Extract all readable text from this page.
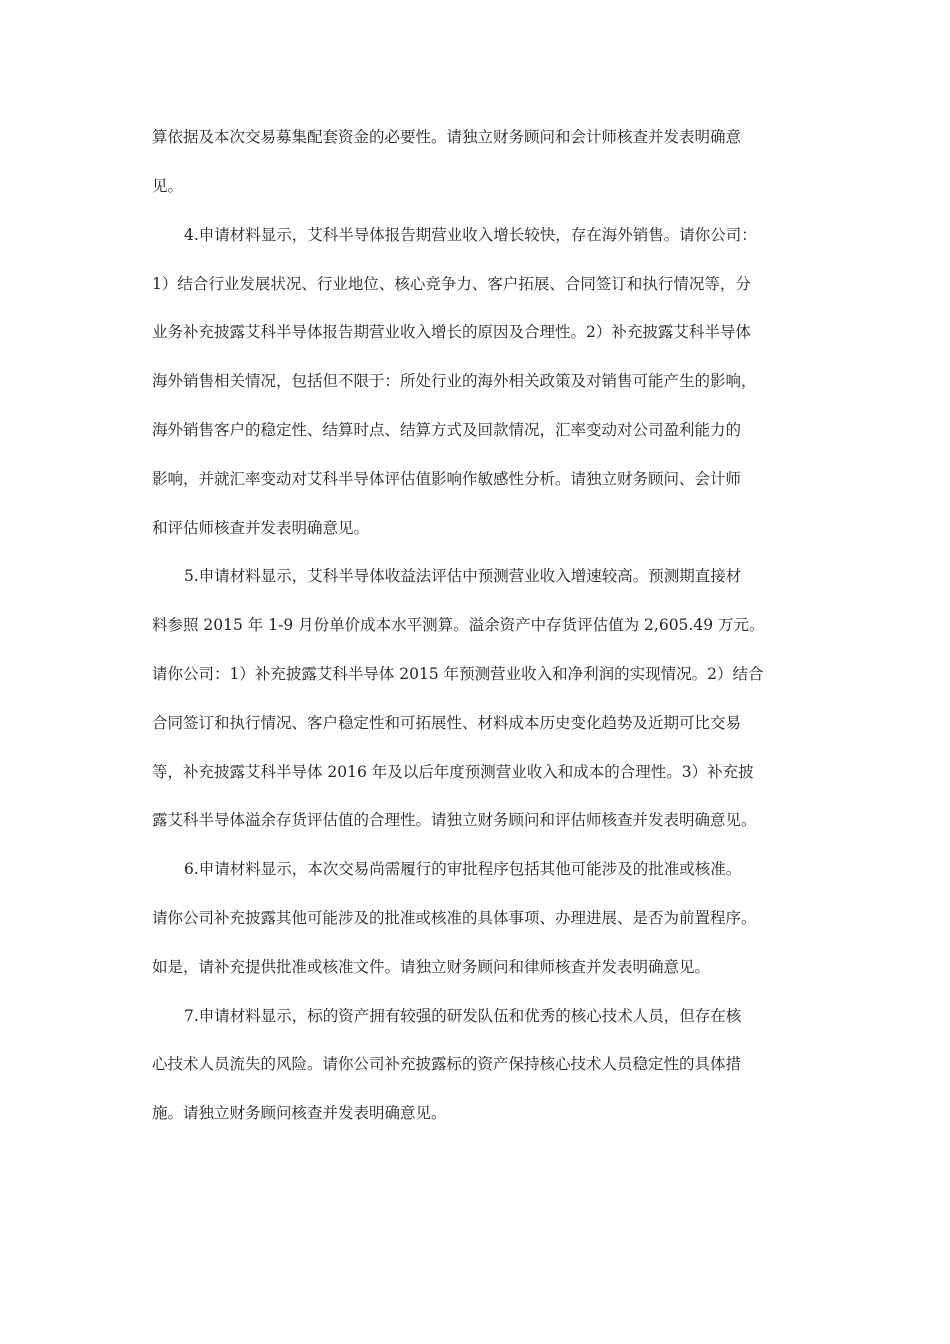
算依据及本次交易募集配套资金的必要性。请独立财务顾问和会计师核查并发表明确意
见。
4.申请材料显示，艾科半导体报告期营业收入增长较快，存在海外销售。请你公司：
1）结合行业发展状况、行业地位、核心竞争力、客户拓展、合同签订和执行情况等，分
业务补充披露艾科半导体报告期营业收入增长的原因及合理性。2）补充披露艾科半导体
海外销售相关情况，包括但不限于：所处行业的海外相关政策及对销售可能产生的影响，
海外销售客户的稳定性、结算时点、结算方式及回款情况，汇率变动对公司盈利能力的
影响，并就汇率变动对艾科半导体评估值影响作敏感性分析。请独立财务顾问、会计师
和评估师核查并发表明确意见。
5.申请材料显示，艾科半导体收益法评估中预测营业收入增速较高。预测期直接材
料参照 2015 年 1-9 月份单价成本水平测算。溢余资产中存货评估值为 2,605.49 万元。
请你公司：1）补充披露艾科半导体 2015 年预测营业收入和净利润的实现情况。2）结合
合同签订和执行情况、客户稳定性和可拓展性、材料成本历史变化趋势及近期可比交易
等，补充披露艾科半导体 2016 年及以后年度预测营业收入和成本的合理性。3）补充披
露艾科半导体溢余存货评估值的合理性。请独立财务顾问和评估师核查并发表明确意见。
6.申请材料显示，本次交易尚需履行的审批程序包括其他可能涉及的批准或核准。
请你公司补充披露其他可能涉及的批准或核准的具体事项、办理进展、是否为前置程序。
如是，请补充提供批准或核准文件。请独立财务顾问和律师核查并发表明确意见。
7.申请材料显示，标的资产拥有较强的研发队伍和优秀的核心技术人员，但存在核
心技术人员流失的风险。请你公司补充披露标的资产保持核心技术人员稳定性的具体措
施。请独立财务顾问核查并发表明确意见。
